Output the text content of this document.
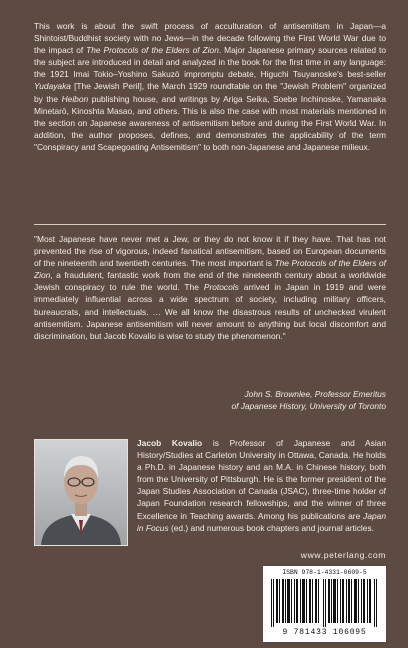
This work is about the swift process of acculturation of antisemitism in Japan—a Shintoist/Buddhist society with no Jews—in the decade following the First World War due to the impact of The Protocols of the Elders of Zion. Major Japanese primary sources related to the subject are introduced in detail and analyzed in the book for the first time in any language: the 1921 Imai Tokio–Yoshino Sakuzō impromptu debate, Higuchi Tsuyanoske's best-seller Yudayaka [The Jewish Peril], the March 1929 roundtable on the "Jewish Problem" organized by the Heibon publishing house, and writings by Ariga Seika, Soebe Inchinoske, Yamanaka Minetarō, Kinoshta Masao, and others. This is also the case with most materials mentioned in the section on Japanese awareness of antisemitism before and during the First World War. In addition, the author proposes, defines, and demonstrates the applicability of the term "Conspiracy and Scapegoating Antisemitism" to both non-Japanese and Japanese milieux.

"Most Japanese have never met a Jew, or they do not know it if they have. That has not prevented the rise of vigorous, indeed fanatical antisemitism, based on European documents of the nineteenth and twentieth centuries. The most important is The Protocols of the Elders of Zion, a fraudulent, fantastic work from the end of the nineteenth century about a worldwide Jewish conspiracy to rule the world. The Protocols arrived in Japan in 1919 and were immediately influential across a wide spectrum of society, including military officers, bureaucrats, and intellectuals. … We all know the disastrous results of unchecked virulent antisemitism. Japanese antisemitism will never amount to anything but local discomfort and discrimination, but Jacob Kovalio is wise to study the phenomenon."

John S. Brownlee, Professor Emeritus
of Japanese History, University of Toronto

Jacob Kovalio is Professor of Japanese and Asian History/Studies at Carleton University in Ottawa, Canada. He holds a Ph.D. in Japanese history and an M.A. in Chinese history, both from the University of Pittsburgh. He is the former president of the Japan Studies Association of Canada (JSAC), three-time holder of Japan Foundation research fellowships, and the winner of three Excellence in Teaching awards. Among his publications are Japan in Focus (ed.) and numerous book chapters and journal articles.

www.peterlang.com
ISBN 978-1-4331-0609-5
9 781433 106095
